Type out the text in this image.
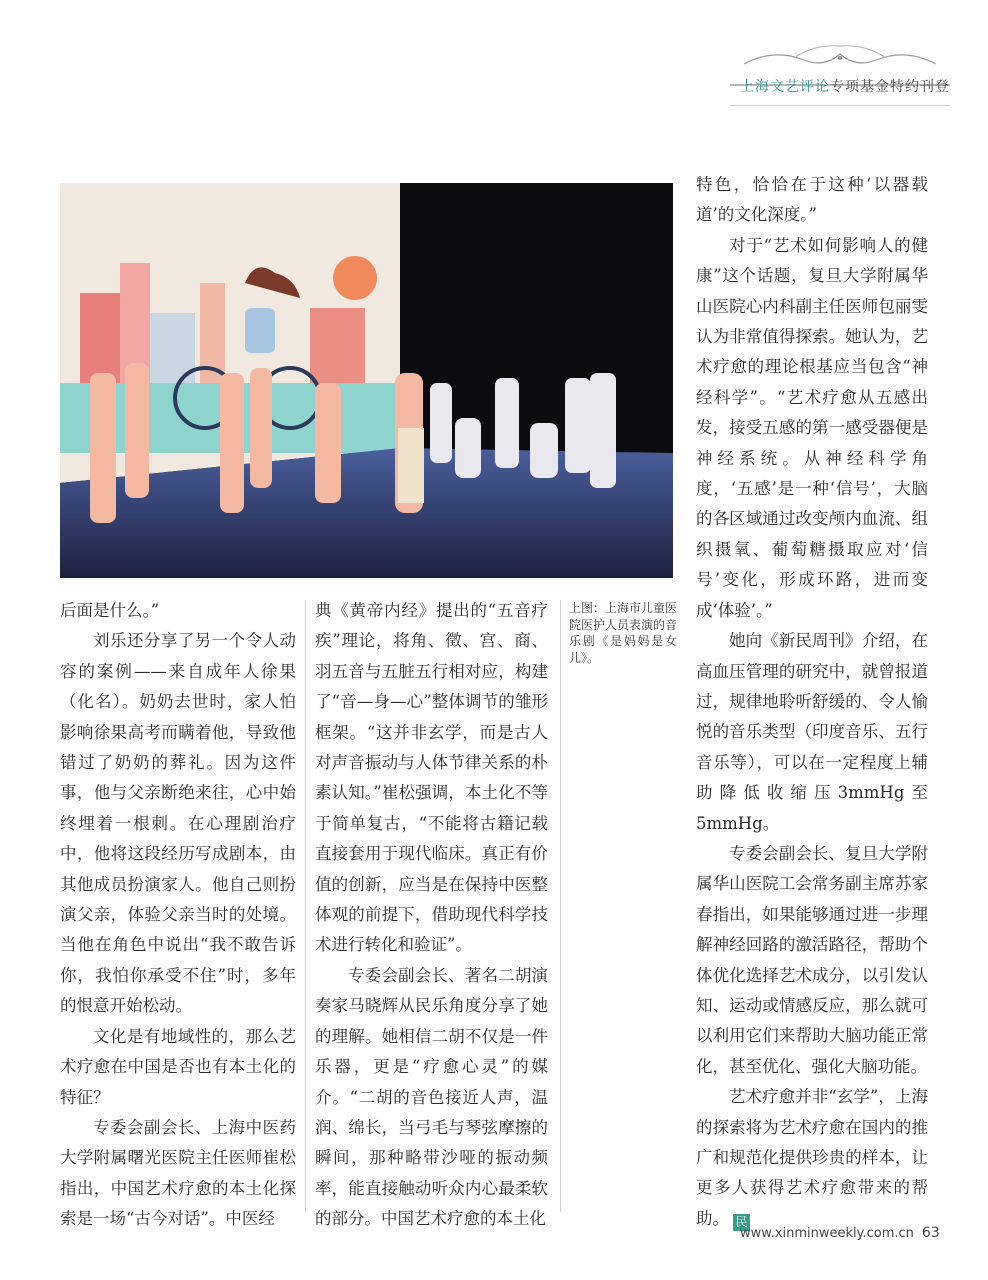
上海文艺评论专项基金特约刊登

后面是什么。”

刘乐还分享了另一个令人动容的案例——来自成年人徐果（化名）。奶奶去世时，家人怕影响徐果高考而瞒着他，导致他错过了奶奶的葬礼。因为这件事，他与父亲断绝来往，心中始终埋着一根刺。在心理剧治疗中，他将这段经历写成剧本，由其他成员扮演家人。他自己则扮演父亲，体验父亲当时的处境。当他在角色中说出“我不敢告诉你，我怕你承受不住”时，多年的恨意开始松动。

文化是有地域性的，那么艺术疗愈在中国是否也有本土化的特征？

专委会副会长、上海中医药大学附属曙光医院主任医师崔松指出，中国艺术疗愈的本土化探索是一场“古今对话”。中医经

典《黄帝内经》提出的“五音疗疾”理论，将角、徵、宫、商、羽五音与五脏五行相对应，构建了“音—身—心”整体调节的雏形框架。“这并非玄学，而是古人对声音振动与人体节律关系的朴素认知。”崔松强调，本土化不等于简单复古，“不能将古籍记载直接套用于现代临床。真正有价值的创新，应当是在保持中医整体观的前提下，借助现代科学技术进行转化和验证”。

专委会副会长、著名二胡演奏家马晓辉从民乐角度分享了她的理解。她相信二胡不仅是一件乐器，更是“疗愈心灵”的媒介。“二胡的音色接近人声，温润、绵长，当弓毛与琴弦摩擦的瞬间，那种略带沙哑的振动频率，能直接触动听众内心最柔软的部分。中国艺术疗愈的本土化

上图：上海市儿童医院医护人员表演的音乐剧《是妈妈是女儿》。

特色，恰恰在于这种‘以器载道’的文化深度。”

对于“艺术如何影响人的健康”这个话题，复旦大学附属华山医院心内科副主任医师包丽雯认为非常值得探索。她认为，艺术疗愈的理论根基应当包含“神经科学”。“艺术疗愈从五感出发，接受五感的第一感受器便是神经系统。从神经科学角度，‘五感’是一种‘信号’，大脑的各区域通过改变颅内血流、组织摄氧、葡萄糖摄取应对‘信号’变化，形成环路，进而变成‘体验’。”

她向《新民周刊》介绍，在高血压管理的研究中，就曾报道过，规律地聆听舒缓的、令人愉悦的音乐类型（印度音乐、五行音乐等），可以在一定程度上辅助降低收缩压3mmHg至5mmHg。

专委会副会长、复旦大学附属华山医院工会常务副主席苏家春指出，如果能够通过进一步理解神经回路的激活路径，帮助个体优化选择艺术成分，以引发认知、运动或情感反应，那么就可以利用它们来帮助大脑功能正常化，甚至优化、强化大脑功能。

艺术疗愈并非“玄学”，上海的探索将为艺术疗愈在国内的推广和规范化提供珍贵的样本，让更多人获得艺术疗愈带来的帮助。 民

www.xinminweekly.com.cn 63
